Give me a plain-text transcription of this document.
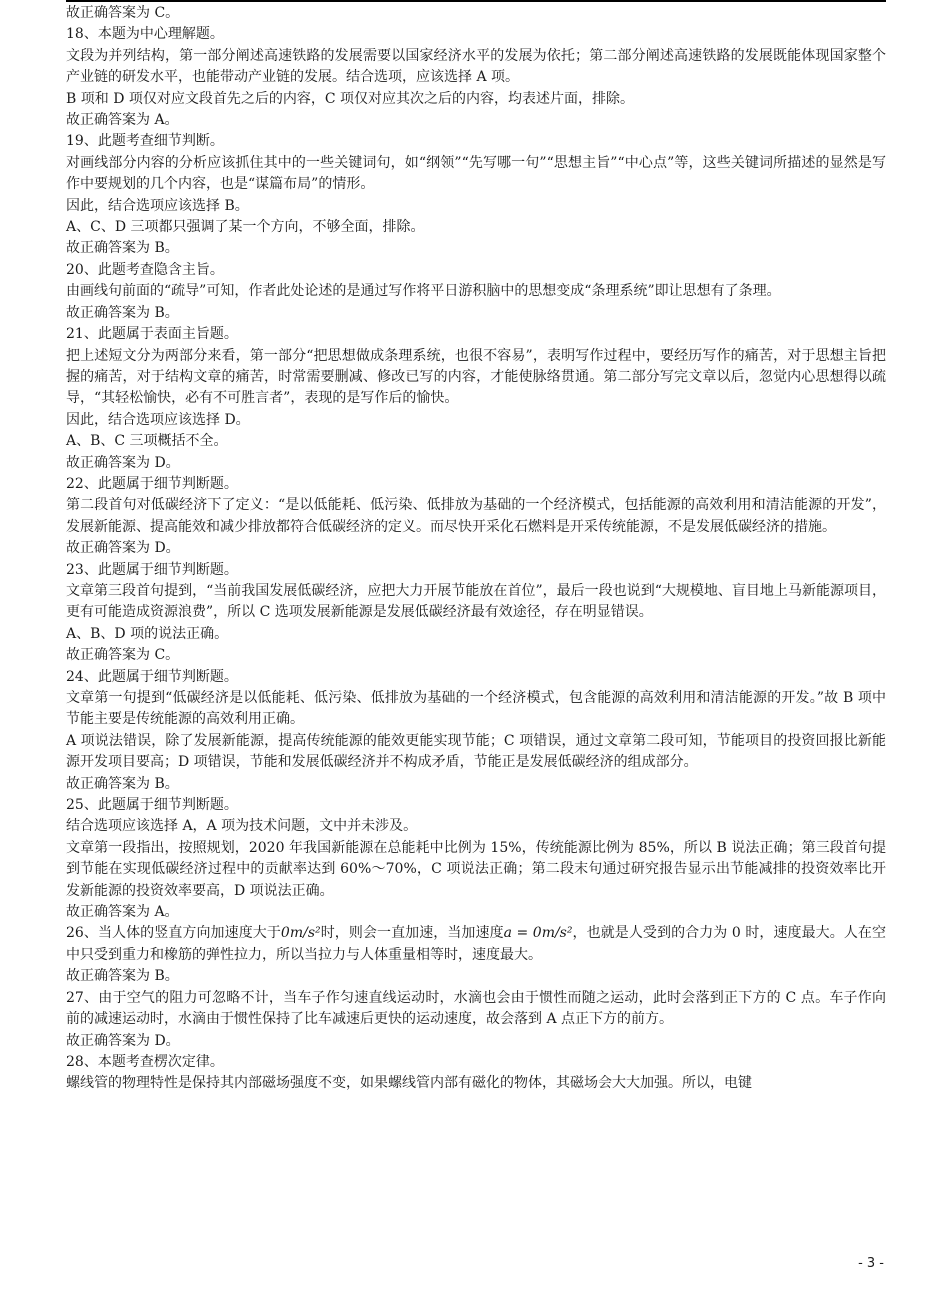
故正确答案为 C。

18、本题为中心理解题。

文段为并列结构，第一部分阐述高速铁路的发展需要以国家经济水平的发展为依托；第二部分阐述高速铁路的发展既能体现国家整个产业链的研发水平，也能带动产业链的发展。结合选项，应该选择 A 项。

B 项和 D 项仅对应文段首先之后的内容，C 项仅对应其次之后的内容，均表述片面，排除。

故正确答案为 A。

19、此题考查细节判断。

对画线部分内容的分析应该抓住其中的一些关键词句，如“纲领”“先写哪一句”“思想主旨”“中心点”等，这些关键词所描述的显然是写作中要规划的几个内容，也是“谋篇布局”的情形。

因此，结合选项应该选择 B。

A、C、D 三项都只强调了某一个方向，不够全面，排除。

故正确答案为 B。

20、此题考查隐含主旨。

由画线句前面的“疏导”可知，作者此处论述的是通过写作将平日游积脑中的思想变成“条理系统”即让思想有了条理。

故正确答案为 B。

21、此题属于表面主旨题。

把上述短文分为两部分来看，第一部分“把思想做成条理系统，也很不容易”，表明写作过程中，要经历写作的痛苦，对于思想主旨把握的痛苦，对于结构文章的痛苦，时常需要删减、修改已写的内容，才能使脉络贯通。第二部分写完文章以后，忽觉内心思想得以疏导，“其轻松愉快，必有不可胜言者”，表现的是写作后的愉快。

因此，结合选项应该选择 D。

A、B、C 三项概括不全。

故正确答案为 D。

22、此题属于细节判断题。

第二段首句对低碳经济下了定义：“是以低能耗、低污染、低排放为基础的一个经济模式，包括能源的高效利用和清洁能源的开发”，发展新能源、提高能效和减少排放都符合低碳经济的定义。而尽快开采化石燃料是开采传统能源，不是发展低碳经济的措施。

故正确答案为 D。

23、此题属于细节判断题。

文章第三段首句提到，“当前我国发展低碳经济，应把大力开展节能放在首位”，最后一段也说到“大规模地、盲目地上马新能源项目，更有可能造成资源浪费”，所以 C 选项发展新能源是发展低碳经济最有效途径，存在明显错误。

A、B、D 项的说法正确。

故正确答案为 C。

24、此题属于细节判断题。

文章第一句提到“低碳经济是以低能耗、低污染、低排放为基础的一个经济模式，包含能源的高效利用和清洁能源的开发。”故 B 项中节能主要是传统能源的高效利用正确。

A 项说法错误，除了发展新能源，提高传统能源的能效更能实现节能；C 项错误，通过文章第二段可知，节能项目的投资回报比新能源开发项目要高；D 项错误，节能和发展低碳经济并不构成矛盾，节能正是发展低碳经济的组成部分。

故正确答案为 B。

25、此题属于细节判断题。

结合选项应该选择 A，A 项为技术问题，文中并未涉及。

文章第一段指出，按照规划，2020 年我国新能源在总能耗中比例为 15%，传统能源比例为 85%，所以 B 说法正确；第三段首句提到节能在实现低碳经济过程中的贡献率达到 60%～70%，C 项说法正确；第二段末句通过研究报告显示出节能减排的投资效率比开发新能源的投资效率要高，D 项说法正确。

故正确答案为 A。

26、当人体的竖直方向加速度大于0m/s²时，则会一直加速，当加速度a = 0m/s²，也就是人受到的合力为 0 时，速度最大。人在空中只受到重力和橡筋的弹性拉力，所以当拉力与人体重量相等时，速度最大。

故正确答案为 B。

27、由于空气的阻力可忽略不计，当车子作匀速直线运动时，水滴也会由于惯性而随之运动，此时会落到正下方的 C 点。车子作向前的减速运动时，水滴由于惯性保持了比车减速后更快的运动速度，故会落到 A 点正下方的前方。

故正确答案为 D。

28、本题考查楞次定律。

螺线管的物理特性是保持其内部磁场强度不变，如果螺线管内部有磁化的物体，其磁场会大大加强。所以，电键

- 3 -
